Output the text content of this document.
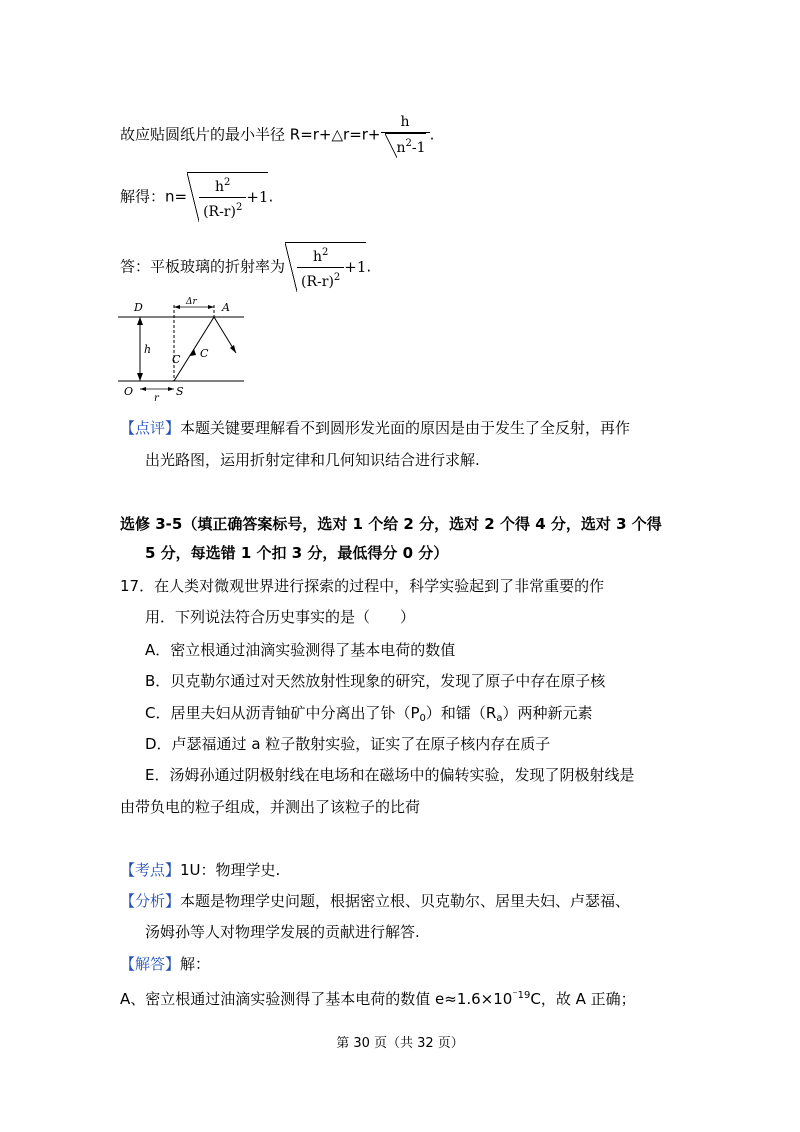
故应贴圆纸片的最小半径 R=r+△r=r+ $\frac{h}{n^2-1}$ .
解得：$n= \frac{h^2}{(R-r)^2} +1$.
答：平板玻璃的折射率为 $\frac{h^2}{(R-r)^2} +1$.
D	A
Δr
h
C C
O
r
S
【点评】本题关键要理解看不到圆形发光面的原因是由于发生了全反射，再作
出光路图，运用折射定律和几何知识结合进行求解.
选修 3-5（填正确答案标号，选对 1 个给 2 分，选对 2 个得 4 分，选对 3 个得
5 分，每选错 1 个扣 3 分，最低得分 0 分）
17．在人类对微观世界进行探索的过程中，科学实验起到了非常重要的作
用．下列说法符合历史事实的是（　　）
A．密立根通过油滴实验测得了基本电荷的数值
B．贝克勒尔通过对天然放射性现象的研究，发现了原子中存在原子核
C．居里夫妇从沥青铀矿中分离出了钋$(P_0)$和镭$(R_a)$两种新元素
D．卢瑟福通过 a 粒子散射实验，证实了在原子核内存在质子
E．汤姆孙通过阴极射线在电场和在磁场中的偏转实验，发现了阴极射线是
由带负电的粒子组成，并测出了该粒子的比荷
【考点】1U：物理学史.
【分析】本题是物理学史问题，根据密立根、贝克勒尔、居里夫妇、卢瑟福、
汤姆孙等人对物理学发展的贡献进行解答.
【解答】解：
A、密立根通过油滴实验测得了基本电荷的数值 $e\approx 1.6\times 10^{^-19}C$，故 A 正确；
第 30 页（共 32 页）
